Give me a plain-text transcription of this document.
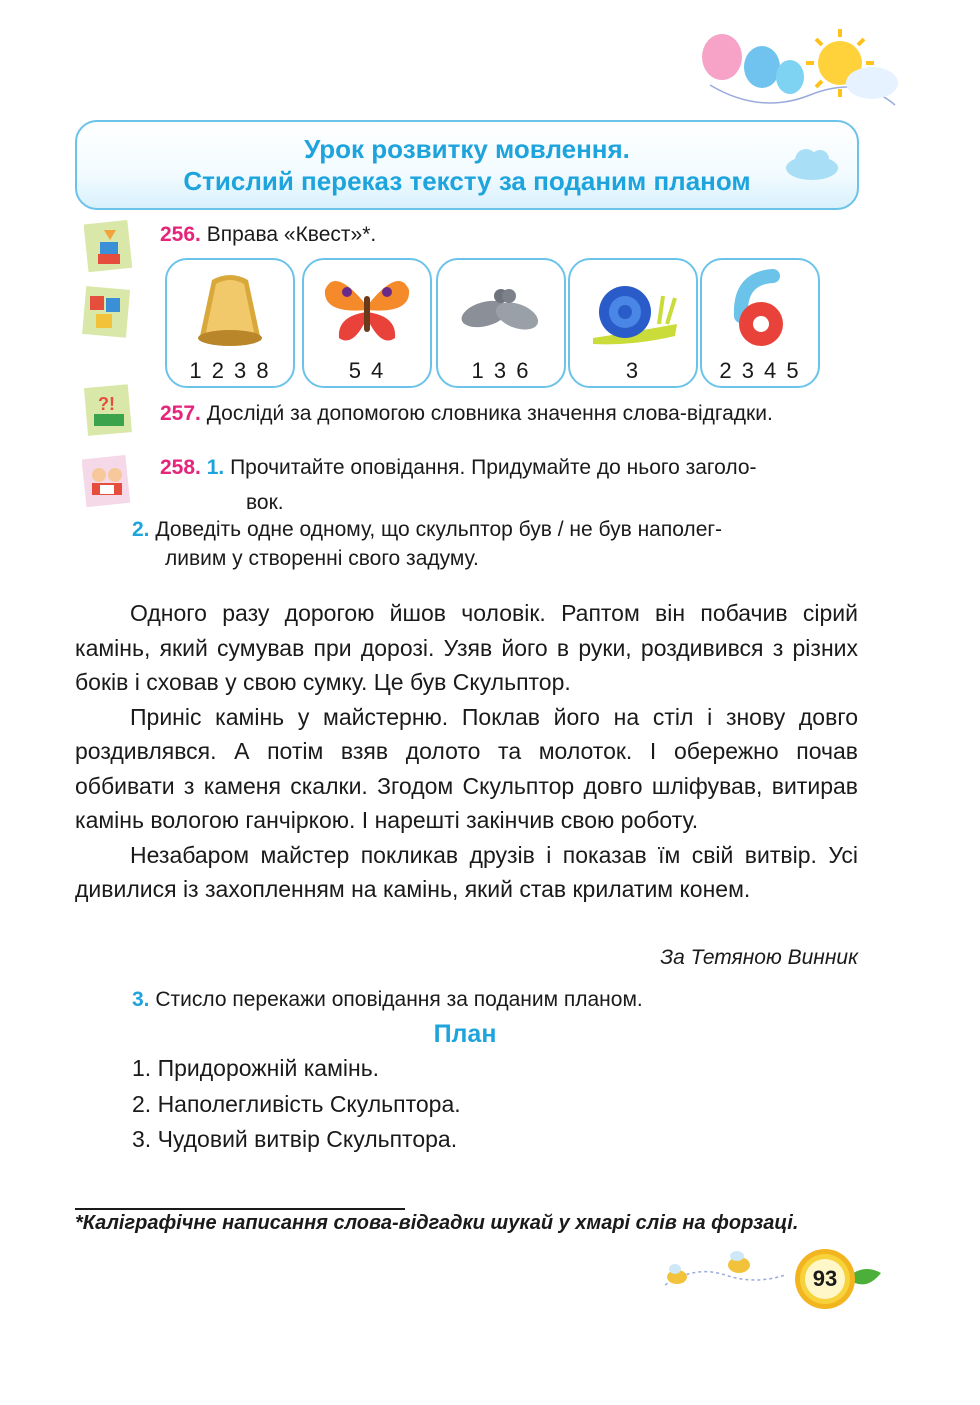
Урок розвитку мовлення.
Стислий переказ тексту за поданим планом
?!
256. Вправа «Квест»*.
1 2 3 8	5 4	1 3 6	3	2 3 4 5
257. Досліди́ за допомогою словника значення слова-відгадки.
258. 1. Прочитайте оповідання. Придумайте до нього заголо-
вок.
2. Доведіть одне одному, що скульптор був / не був наполег-
ливим у створенні свого задуму.

Одного разу дорогою йшов чоловік. Раптом він побачив сірий камінь, який сумував при дорозі. Узяв його в руки, роздивився з різних боків і сховав у свою сумку. Це був Скульптор.

Приніс камінь у майстерню. Поклав його на стіл і знову довго роздивлявся. А потім взяв долото та молоток. І обережно почав оббивати з каменя скалки. Згодом Скульптор довго шліфував, витирав камінь вологою ганчіркою. І нарешті закінчив свою роботу.

Незабаром майстер покликав друзів і показав їм свій витвір. Усі дивилися із захопленням на камінь, який став крилатим конем.

За Тетяною Винник
3. Стисло перекажи оповідання за поданим планом.
План
1. Придорожній камінь.
2. Наполегливість Скульптора.
3. Чудовий витвір Скульптора.
*Каліграфічне написання слова-відгадки шукай у хмарі слів на форзаці.
93
